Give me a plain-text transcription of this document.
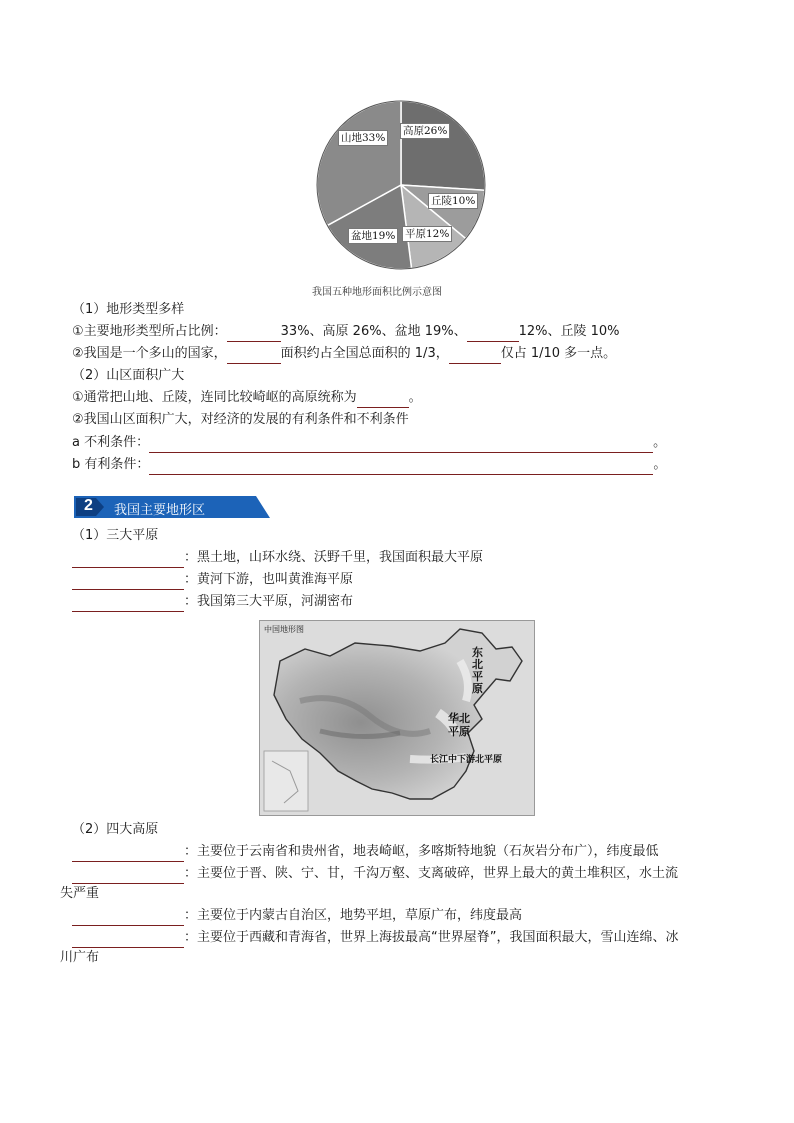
山地33%
高原26%
丘陵10%
平原12%
盆地19%
我国五种地形面积比例示意图
（1）地形类型多样
①主要地形类型所占比例：	33%、高原 26%、盆地 19%、	12%、丘陵 10%
②我国是一个多山的国家，	面积约占全国总面积的 1/3，	仅占 1/10 多一点。
（2）山区面积广大
①通常把山地、丘陵，连同比较崎岖的高原统称为	。
②我国山区面积广大，对经济的发展的有利条件和不利条件
a 不利条件：	。
b 有利条件：	。
2 我国主要地形区
（1）三大平原
：黑土地，山环水绕、沃野千里，我国面积最大平原
：黄河下游，也叫黄淮海平原
：我国第三大平原，河湖密布
中国地形图
东北平原
华北平原
长江中下游北平原
（2）四大高原
：主要位于云南省和贵州省，地表崎岖，多喀斯特地貌（石灰岩分布广），纬度最低
：主要位于晋、陕、宁、甘，千沟万壑、支离破碎，世界上最大的黄土堆积区，水土流
失严重
：主要位于内蒙古自治区，地势平坦，草原广布，纬度最高
：主要位于西藏和青海省，世界上海拔最高“世界屋脊”，我国面积最大，雪山连绵、冰
川广布
